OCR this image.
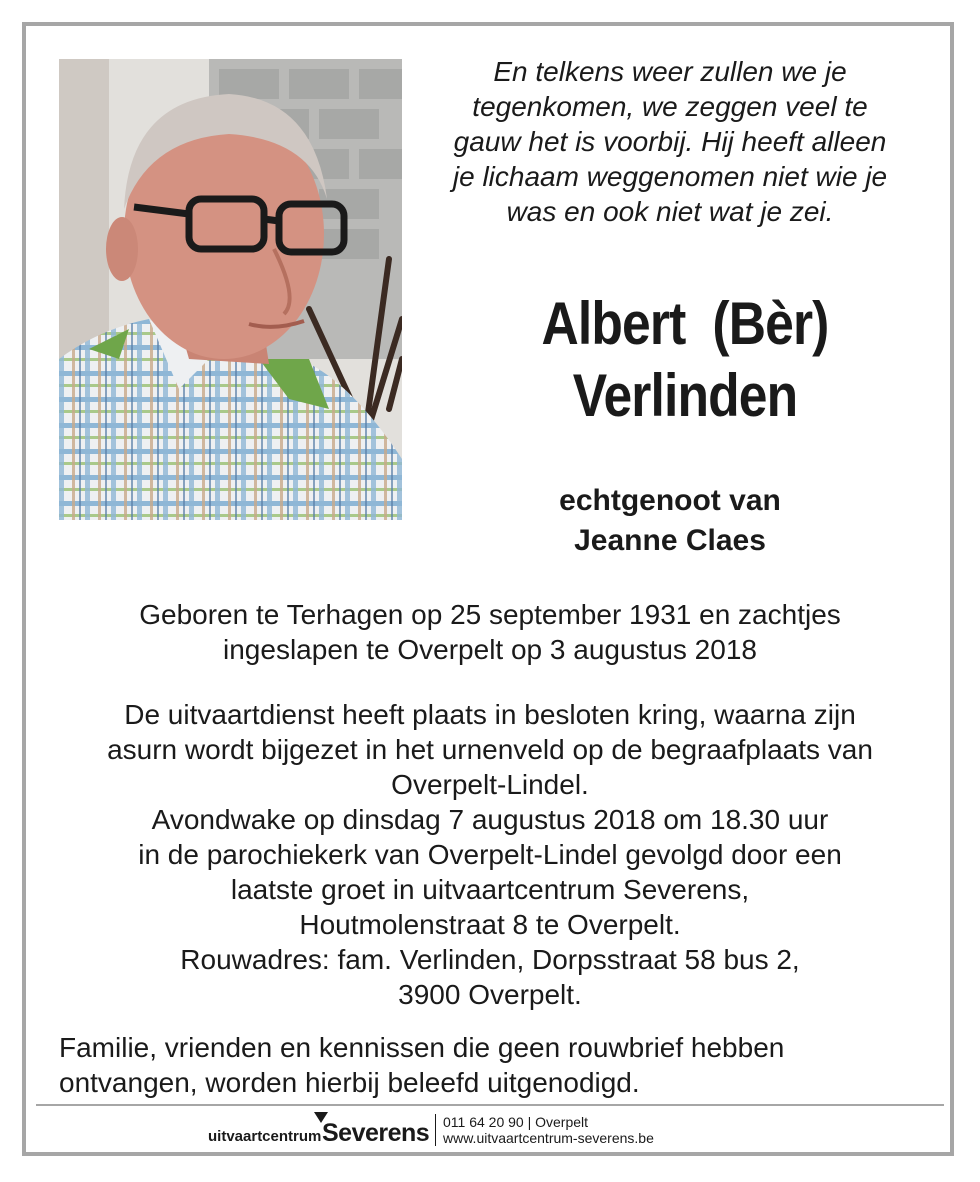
En telkens weer zullen we je
tegenkomen, we zeggen veel te
gauw het is voorbij. Hij heeft alleen
je lichaam weggenomen niet wie je
was en ook niet wat je zei.
Albert  (Bèr)
Verlinden
echtgenoot van
Jeanne Claes
Geboren te Terhagen op 25 september 1931 en zachtjes
ingeslapen te Overpelt op 3 augustus 2018
De uitvaartdienst heeft plaats in besloten kring, waarna zijn
asurn wordt bijgezet in het urnenveld op de begraafplaats van
Overpelt-Lindel.
Avondwake op dinsdag 7 augustus 2018 om 18.30 uur
in de parochiekerk van Overpelt-Lindel gevolgd door een
laatste groet in uitvaartcentrum Severens,
Houtmolenstraat 8 te Overpelt.
Rouwadres: fam. Verlinden, Dorpsstraat 58 bus 2,
3900 Overpelt.
Familie, vrienden en kennissen die geen rouwbrief hebben
ontvangen, worden hierbij beleefd uitgenodigd.
uitvaartcentrum Severens 011 64 20 90 | Overpelt
www.uitvaartcentrum-severens.be
